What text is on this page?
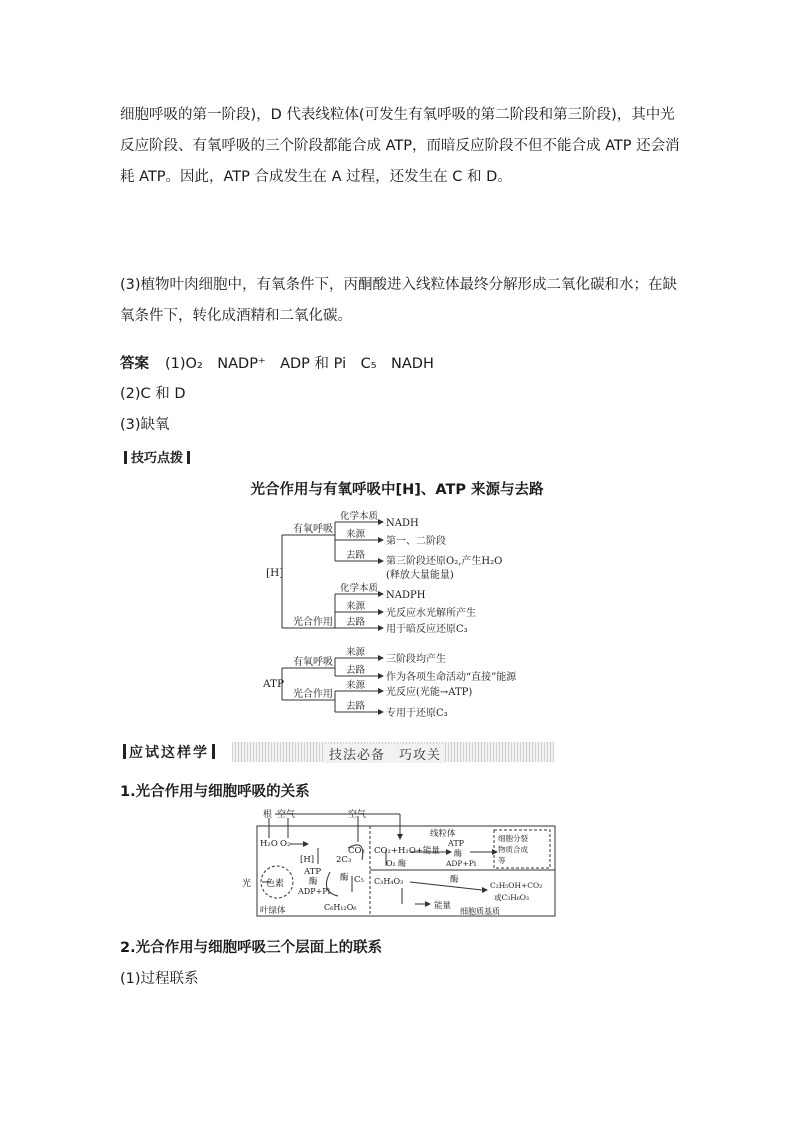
细胞呼吸的第一阶段)，D 代表线粒体(可发生有氧呼吸的第二阶段和第三阶段)，其中光反应阶段、有氧呼吸的三个阶段都能合成 ATP，而暗反应阶段不但不能合成 ATP 还会消耗 ATP。因此，ATP 合成发生在 A 过程，还发生在 C 和 D。

(3)植物叶肉细胞中，有氧条件下，丙酮酸进入线粒体最终分解形成二氧化碳和水；在缺氧条件下，转化成酒精和二氧化碳。

答案 (1)O₂　NADP⁺　ADP 和 Pi　C₅　NADH
(2)C 和 D
(3)缺氧
技巧点拨
光合作用与有氧呼吸中[H]、ATP 来源与去路
[H]
有氧呼吸
光合作用
化学本质
来源
去路
化学本质
来源
去路
NADH
第一、二阶段
第三阶段还原O₂,产生H₂O
(释放大量能量)
NADPH
光反应水光解所产生
用于暗反应还原C₃
ATP
有氧呼吸
光合作用
来源
去路
来源
去路
三阶段均产生
作为各项生命活动“直接”能源
光反应(光能→ATP)
专用于还原C₃
应试这样学	技法必备　巧攻关
1.光合作用与细胞呼吸的关系
根 空气	空气
H₂O O₂
[H]	2C₃
ATP
酶
ADP+Pi
酶 C₅
CO₂
色素
光
C₆H₁₂O₆
叶绿体
CO₂+H₂O+能量
线粒体
ATP
酶
ADP+Pi
O₂ 酶
C₃H₄O₃	酶
能量
细胞质基质
C₂H₅OH+CO₂
或C₃H₆O₃
细胞分裂
物质合成
等
2.光合作用与细胞呼吸三个层面上的联系
(1)过程联系
